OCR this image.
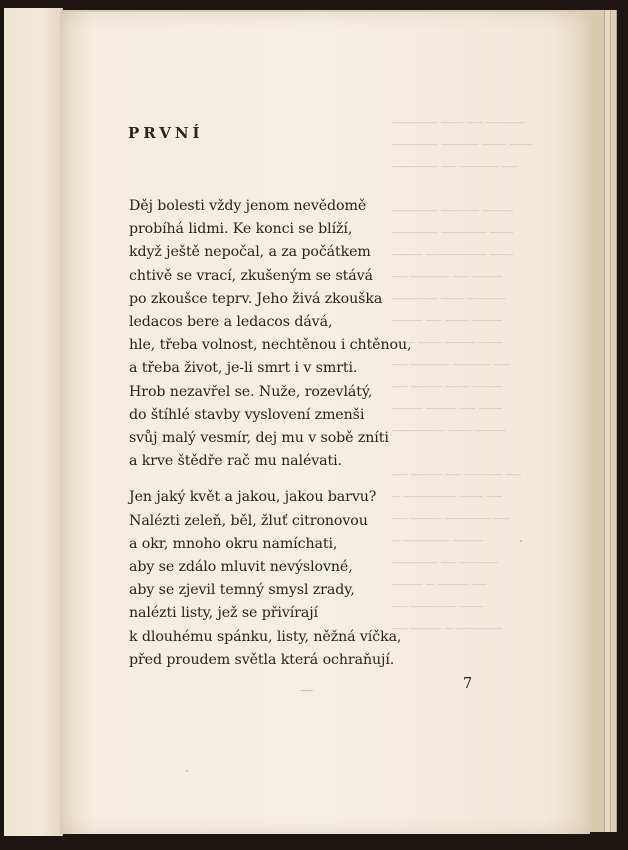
PRVNÍ

Děj bolesti vždy jenom nevědomě
probíhá lidmi. Ke konci se blíží,
když ještě nepočal, a za počátkem
chtivě se vrací, zkušeným se stává
po zkoušce teprv. Jeho živá zkouška
ledacos bere a ledacos dává,
hle, třeba volnost, nechtěnou i chtěnou,
a třeba život, je-li smrt i v smrti.
Hrob nezavřel se. Nuže, rozevlátý,
do štíhlé stavby vyslovení zmenši
svůj malý vesmír, dej mu v sobě zníti
a krve štědře rač mu nalévati.

Jen jaký květ a jakou, jakou barvu?
Nalézti zeleň, běl, žluť citronovou
a okr, mnoho okru namíchati,
aby se zdálo mluvit nevýslovné,
aby se zjevil temný smysl zrady,
nalézti listy, jež se přivírají
k dlouhému spánku, listy, něžná víčka,
před proudem světla která ochraňují.

7
